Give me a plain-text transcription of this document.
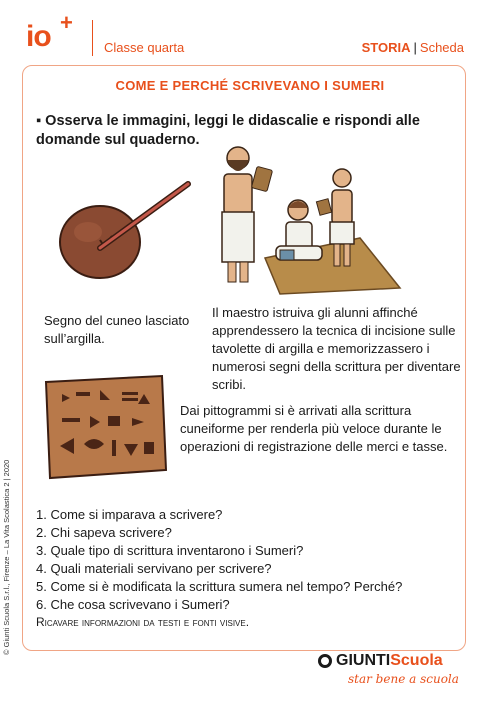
io +
Classe quarta	STORIA | Scheda
COME E PERCHÉ SCRIVEVANO I SUMERI
▪ Osserva le immagini, leggi le didascalie e rispondi alle domande sul quaderno.
Segno del cuneo lasciato sull’argilla.
Il maestro istruiva gli alunni affinché apprendessero la tecnica di incisione sulle tavolette di argilla e memorizzassero i numerosi segni della scrittura per diventare scribi.
Dai pittogrammi si è arrivati alla scrittura cuneiforme per renderla più veloce durante le operazioni di registrazione delle merci e tasse.
1. Come si imparava a scrivere?
2. Chi sapeva scrivere?
3. Quale tipo di scrittura inventarono i Sumeri?
4. Quali materiali servivano per scrivere?
5. Come si è modificata la scrittura sumera nel tempo? Perché?
6. Che cosa scrivevano i Sumeri?
Ricavare informazioni da testi e fonti visive.
© Giunti Scuola S.r.l., Firenze – La Vita Scolastica 2 | 2020
GIUNTIScuola
star bene a scuola
